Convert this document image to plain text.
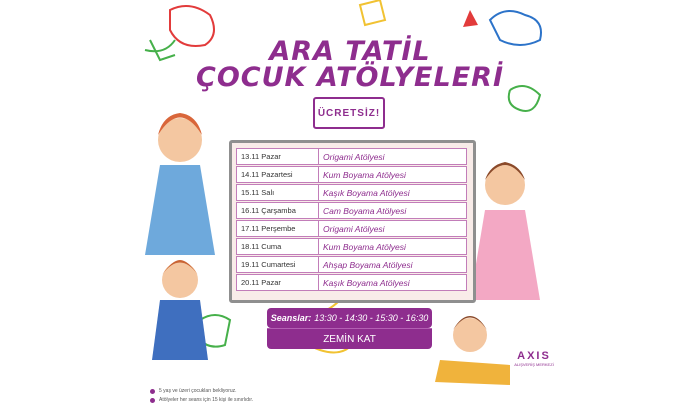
ARA TATİL
ÇOCUK ATÖLYELERİ
ÜCRETSİZ!
13.11 Pazar	Origami Atölyesi
14.11 Pazartesi	Kum Boyama Atölyesi
15.11 Salı	Kaşık Boyama Atölyesi
16.11 Çarşamba	Cam Boyama Atölyesi
17.11 Perşembe	Origami Atölyesi
18.11 Cuma	Kum Boyama Atölyesi
19.11 Cumartesi	Ahşap Boyama Atölyesi
20.11 Pazar	Kaşık Boyama Atölyesi
Seanslar: 13:30 - 14:30 - 15:30 - 16:30
ZEMİN KAT
5 yaş ve üzeri çocukları bekliyoruz.
Atölyeler her seans için 15 kişi ile sınırlıdır.
AXIS
ALIŞVERİŞ MERKEZİ
